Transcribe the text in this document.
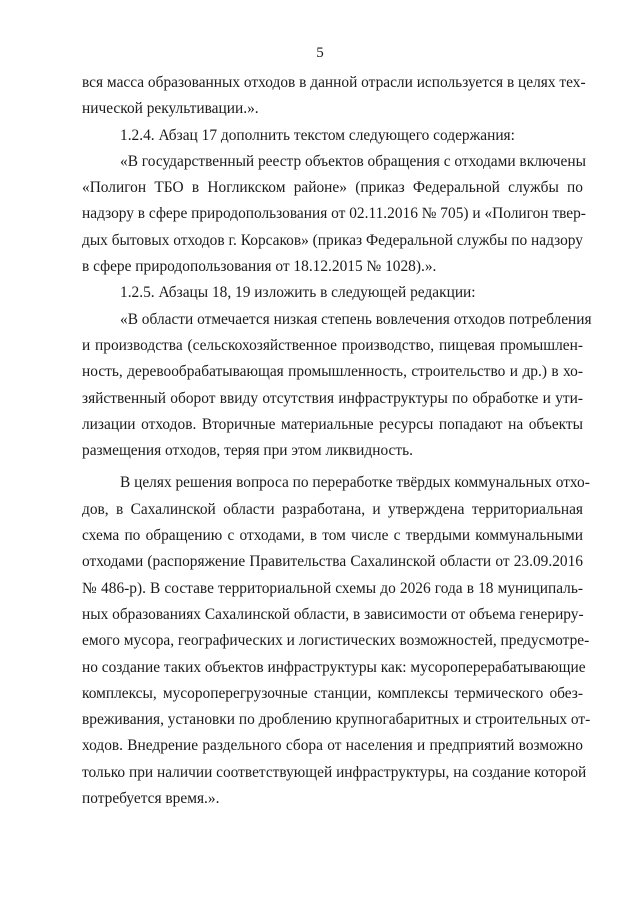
5
вся масса образованных отходов в данной отрасли используется в целях тех-
нической рекультивации.».
1.2.4. Абзац 17 дополнить текстом следующего содержания:
«В государственный реестр объектов обращения с отходами включены
«Полигон ТБО в Ногликском районе» (приказ Федеральной службы по
надзору в сфере природопользования от 02.11.2016 № 705) и «Полигон твер-
дых бытовых отходов г. Корсаков» (приказ Федеральной службы по надзору
в сфере природопользования от 18.12.2015 № 1028).».
1.2.5. Абзацы 18, 19 изложить в следующей редакции:
«В области отмечается низкая степень вовлечения отходов потребления
и производства (сельскохозяйственное производство, пищевая промышлен-
ность, деревообрабатывающая промышленность, строительство и др.) в хо-
зяйственный оборот ввиду отсутствия инфраструктуры по обработке и ути-
лизации отходов. Вторичные материальные ресурсы попадают на объекты
размещения отходов, теряя при этом ликвидность.
В целях решения вопроса по переработке твёрдых коммунальных отхо-
дов, в Сахалинской области разработана, и утверждена территориальная
схема по обращению с отходами, в том числе с твердыми коммунальными
отходами (распоряжение Правительства Сахалинской области от 23.09.2016
№ 486-р). В составе территориальной схемы до 2026 года в 18 муниципаль-
ных образованиях Сахалинской области, в зависимости от объема генериру-
емого мусора, географических и логистических возможностей, предусмотре-
но создание таких объектов инфраструктуры как: мусороперерабатывающие
комплексы, мусороперегрузочные станции, комплексы термического обез-
вреживания, установки по дроблению крупногабаритных и строительных от-
ходов. Внедрение раздельного сбора от населения и предприятий возможно
только при наличии соответствующей инфраструктуры, на создание которой
потребуется время.».
